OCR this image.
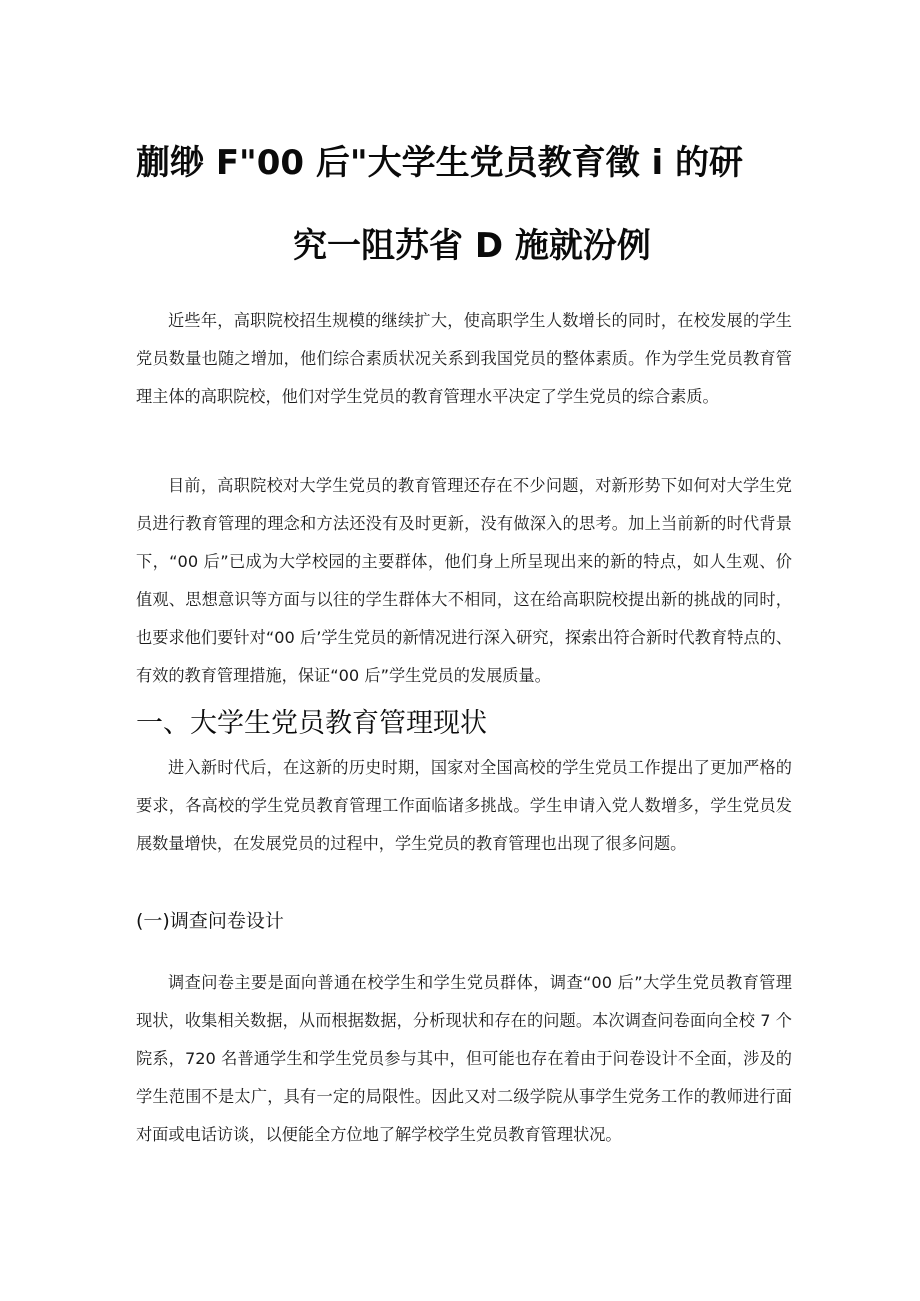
蒯缈 F"00 后"大学生党员教育徵 i 的研
究一阻苏省 D 施就汾例

近些年，高职院校招生规模的继续扩大，使高职学生人数增长的同时，在校发展的学生党员数量也随之增加，他们综合素质状况关系到我国党员的整体素质。作为学生党员教育管理主体的高职院校，他们对学生党员的教育管理水平决定了学生党员的综合素质。

目前，高职院校对大学生党员的教育管理还存在不少问题，对新形势下如何对大学生党员进行教育管理的理念和方法还没有及时更新，没有做深入的思考。加上当前新的时代背景下，“00 后”已成为大学校园的主要群体，他们身上所呈现出来的新的特点，如人生观、价值观、思想意识等方面与以往的学生群体大不相同，这在给高职院校提出新的挑战的同时，也要求他们要针对“00 后’学生党员的新情况进行深入研究，探索出符合新时代教育特点的、有效的教育管理措施，保证“00 后”学生党员的发展质量。

一、大学生党员教育管理现状

进入新时代后，在这新的历史时期，国家对全国高校的学生党员工作提出了更加严格的要求，各高校的学生党员教育管理工作面临诸多挑战。学生申请入党人数增多，学生党员发展数量增快，在发展党员的过程中，学生党员的教育管理也出现了很多问题。

(一)调查问卷设计

调查问卷主要是面向普通在校学生和学生党员群体，调查“00 后”大学生党员教育管理现状，收集相关数据，从而根据数据，分析现状和存在的问题。本次调查问卷面向全校 7 个院系，720 名普通学生和学生党员参与其中，但可能也存在着由于问卷设计不全面，涉及的学生范围不是太广，具有一定的局限性。因此又对二级学院从事学生党务工作的教师进行面对面或电话访谈，以便能全方位地了解学校学生党员教育管理状况。
